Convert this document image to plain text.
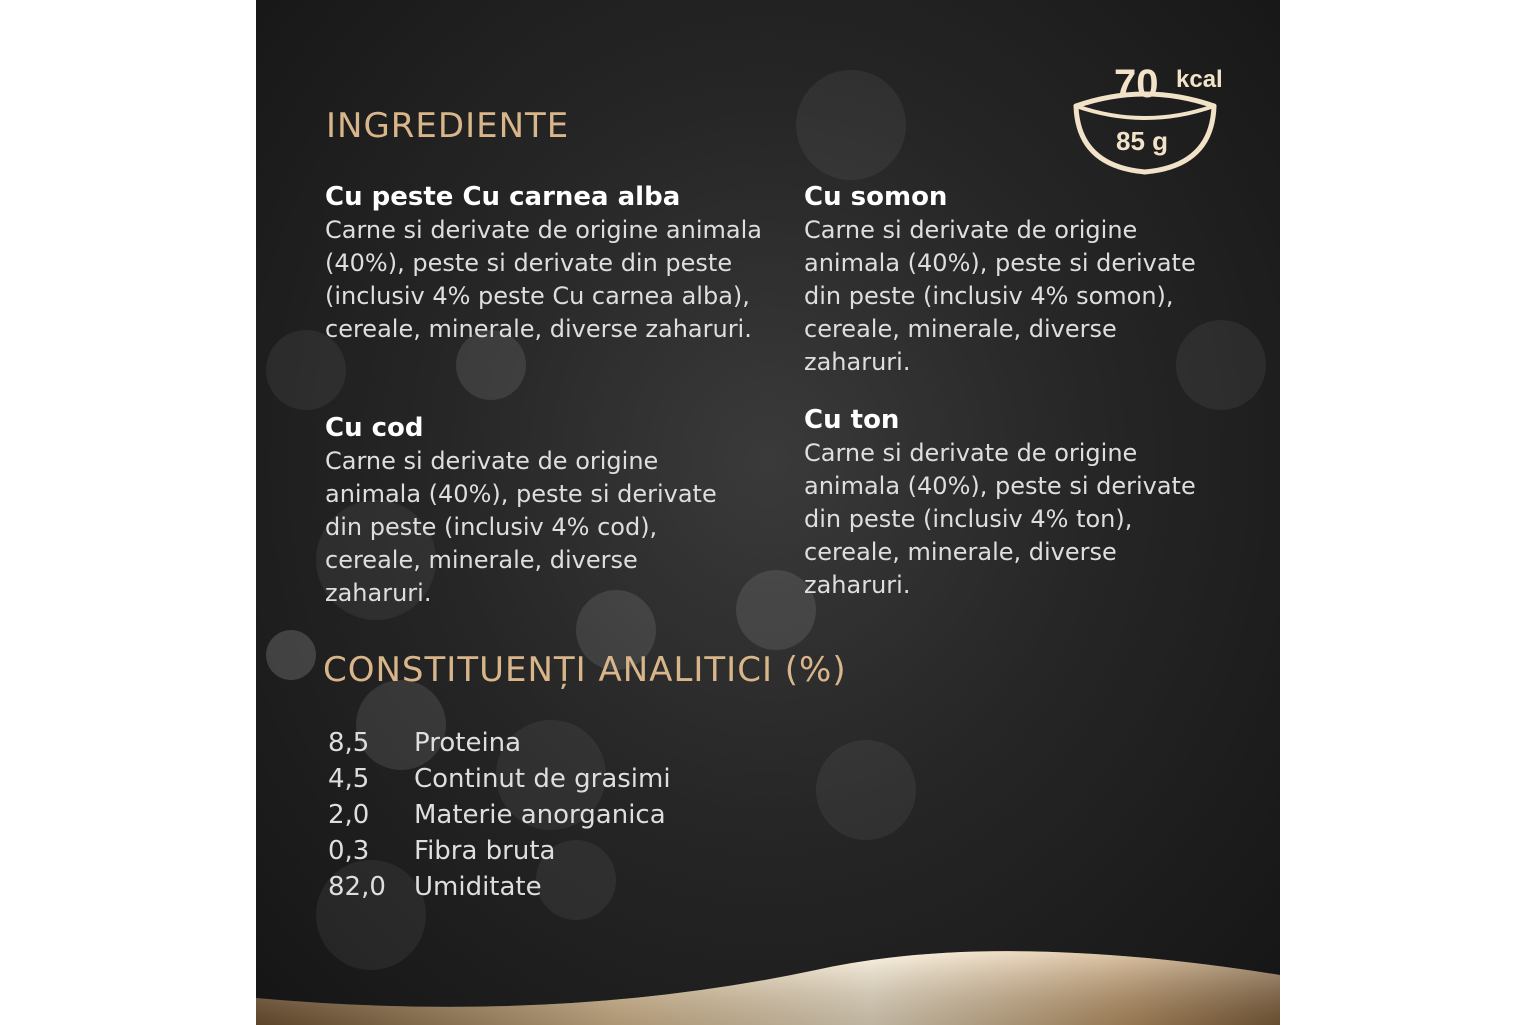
INGREDIENTE
Cu peste Cu carnea alba

Carne si derivate de origine animala (40%), peste si derivate din peste (inclusiv 4% peste Cu carnea alba), cereale, minerale, diverse zaharuri.

Cu somon

Carne si derivate de origine animala (40%), peste si derivate din peste (inclusiv 4% somon), cereale, minerale, diverse zaharuri.

Cu cod

Carne si derivate de origine animala (40%), peste si derivate din peste (inclusiv 4% cod), cereale, minerale, diverse zaharuri.

Cu ton

Carne si derivate de origine animala (40%), peste si derivate din peste (inclusiv 4% ton), cereale, minerale, diverse zaharuri.

CONSTITUENȚI ANALITICI (%)
8,5	Proteina
4,5	Continut de grasimi
2,0	Materie anorganica
0,3	Fibra bruta
82,0	Umiditate
70 kcal
85 g
